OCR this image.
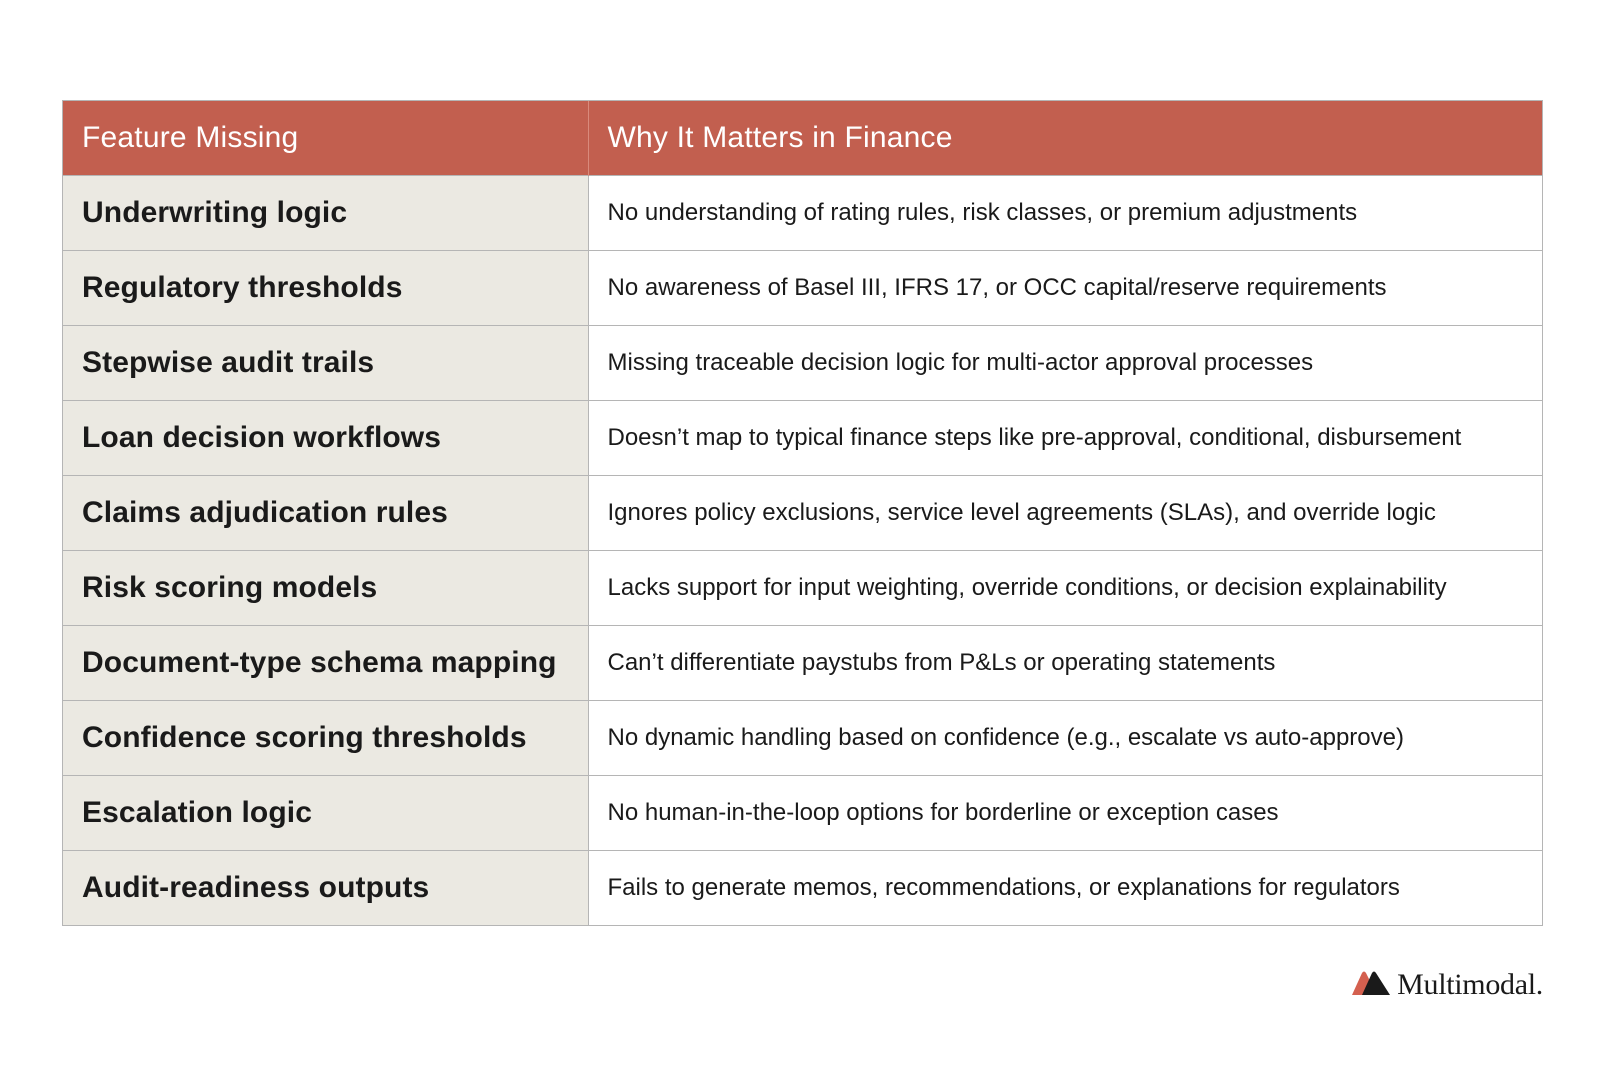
Feature Missing	Why It Matters in Finance
Underwriting logic	No understanding of rating rules, risk classes, or premium adjustments
Regulatory thresholds	No awareness of Basel III, IFRS 17, or OCC capital/reserve requirements
Stepwise audit trails	Missing traceable decision logic for multi-actor approval processes
Loan decision workflows	Doesn’t map to typical finance steps like pre-approval, conditional, disbursement
Claims adjudication rules	Ignores policy exclusions, service level agreements (SLAs), and override logic
Risk scoring models	Lacks support for input weighting, override conditions, or decision explainability
Document-type schema mapping	Can’t differentiate paystubs from P&Ls or operating statements
Confidence scoring thresholds	No dynamic handling based on confidence (e.g., escalate vs auto-approve)
Escalation logic	No human-in-the-loop options for borderline or exception cases
Audit-readiness outputs	Fails to generate memos, recommendations, or explanations for regulators
Multimodal.
